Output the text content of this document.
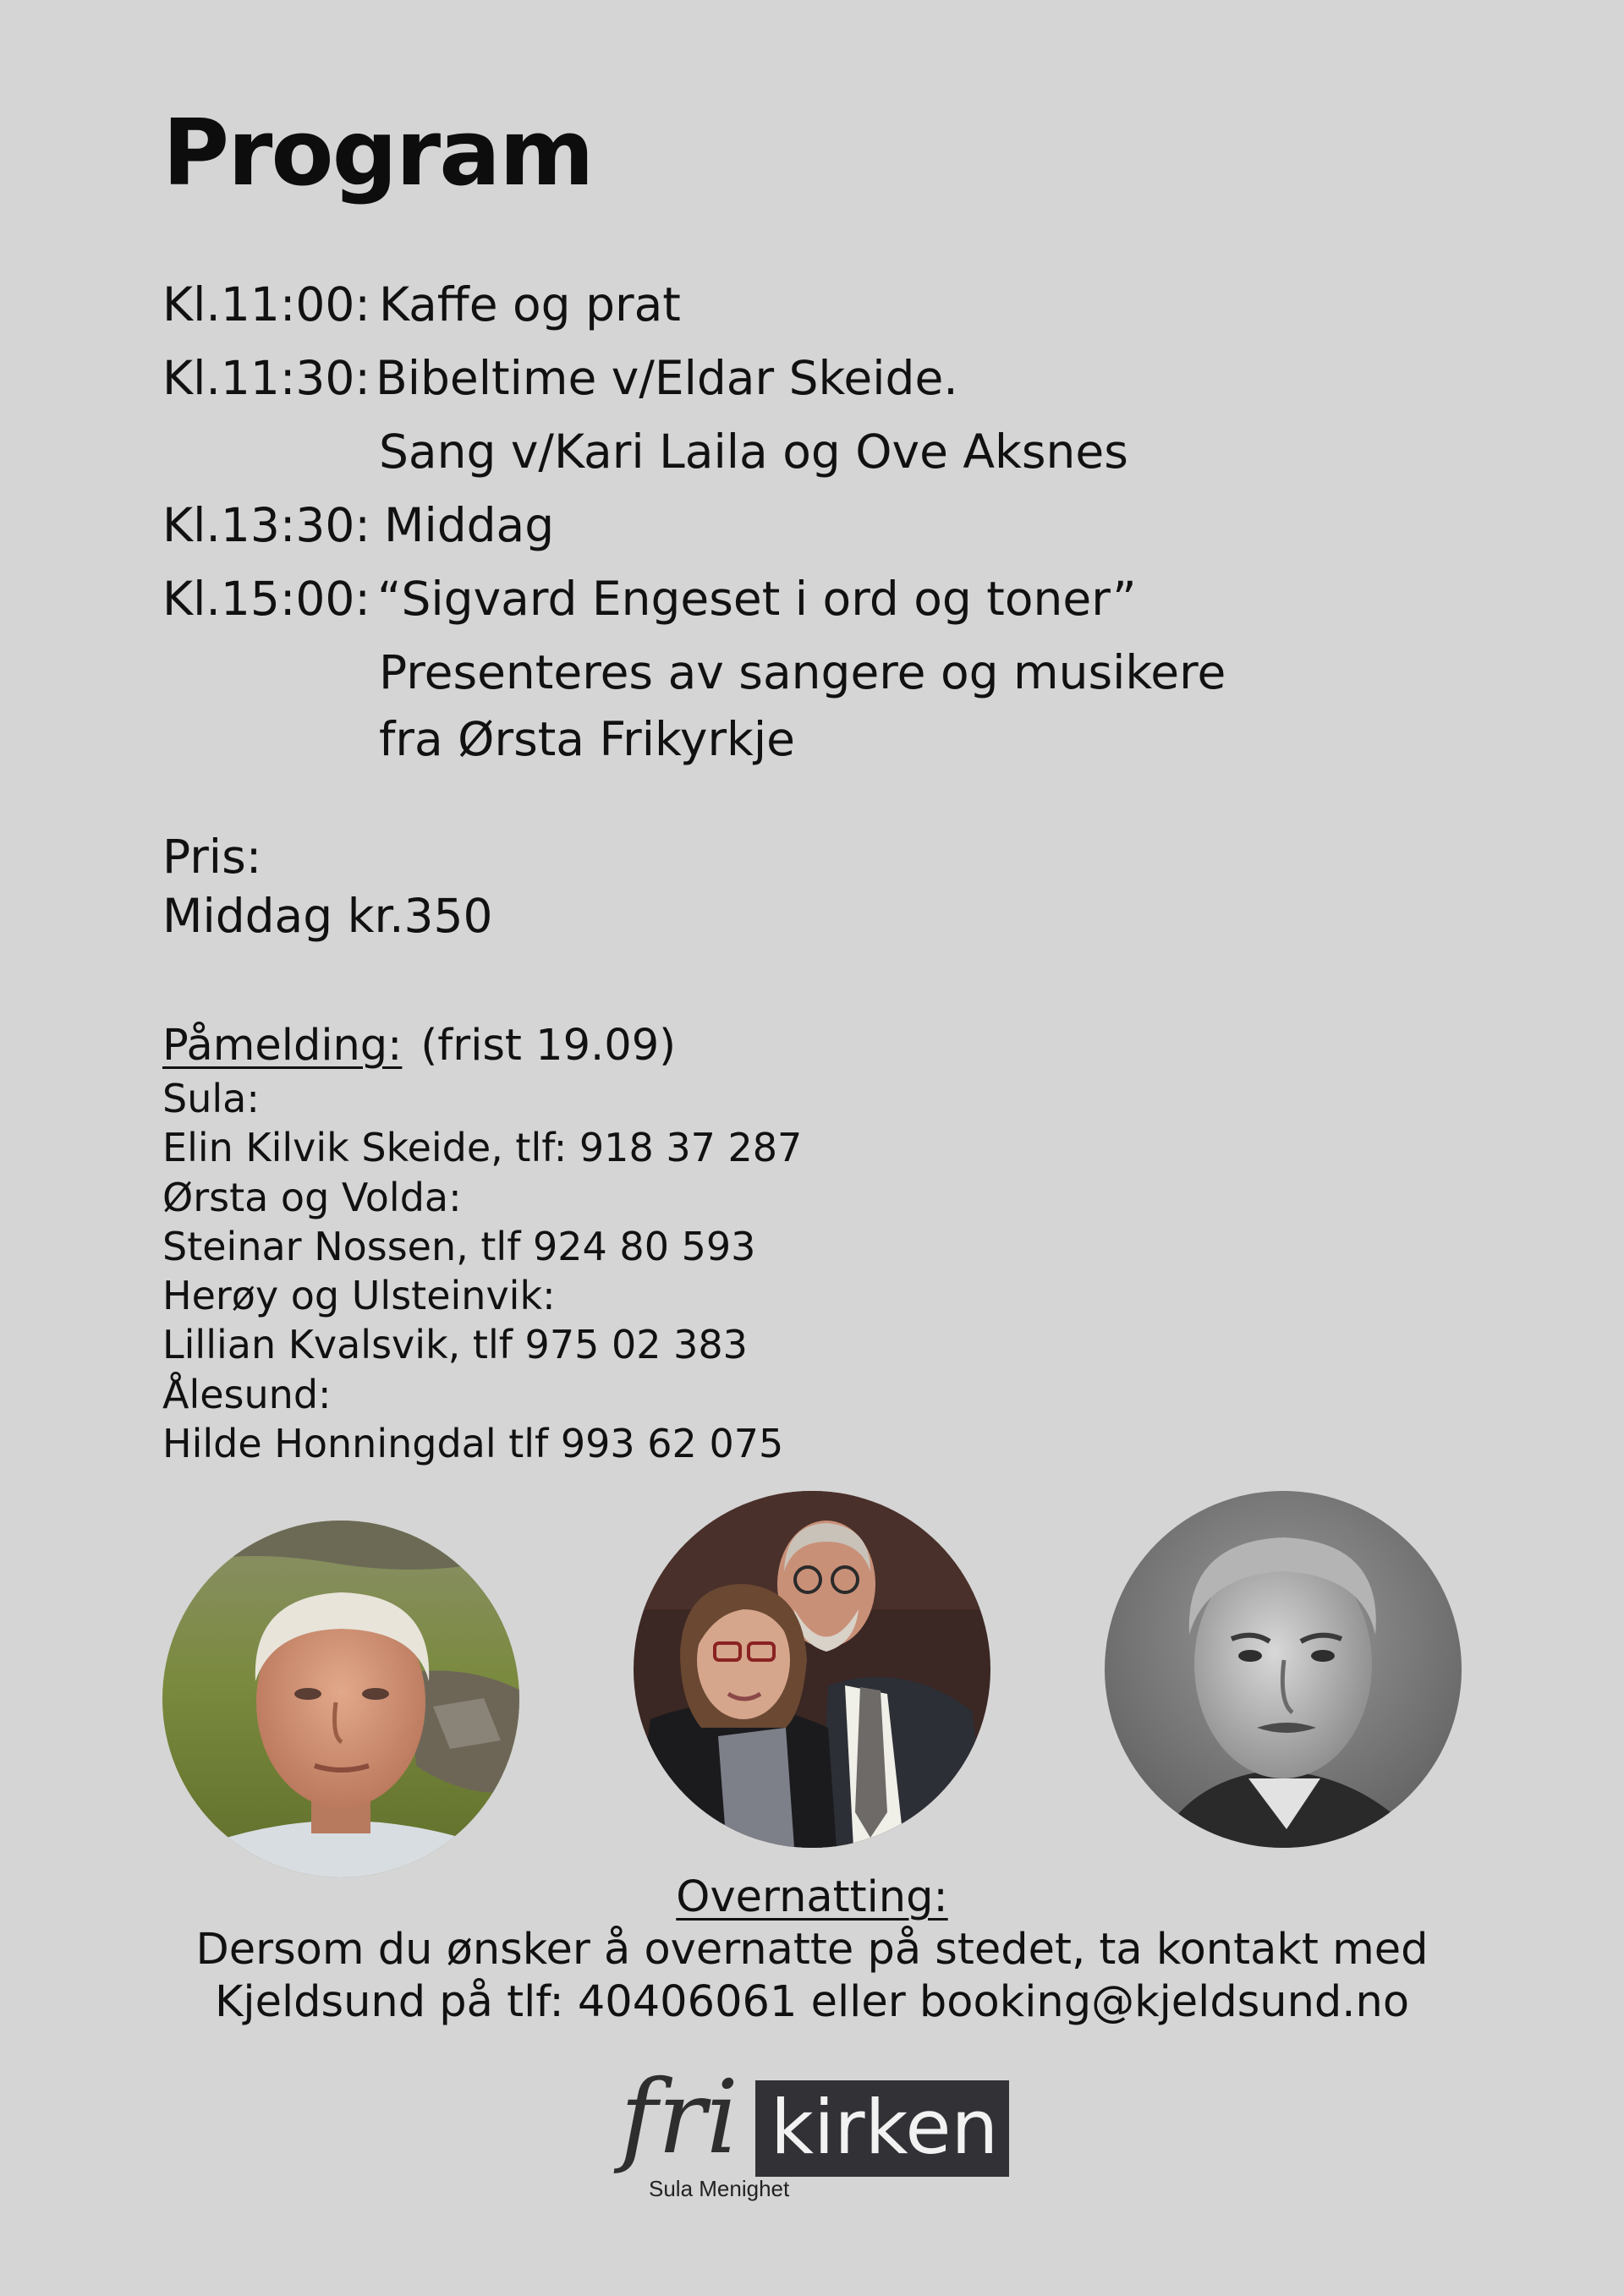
Program
Kl.11:00: Kaffe og prat
Kl.11:30: Bibeltime v/Eldar Skeide.
Sang v/Kari Laila og Ove Aksnes
Kl.13:30: Middag
Kl.15:00: “Sigvard Engeset i ord og toner”
Presenteres av sangere og musikere
fra Ørsta Frikyrkje
Pris:
Middag kr.350
Påmelding: (frist 19.09)
Sula:
Elin Kilvik Skeide, tlf: 918 37 287
Ørsta og Volda:
Steinar Nossen, tlf 924 80 593
Herøy og Ulsteinvik:
Lillian Kvalsvik, tlf 975 02 383
Ålesund:
Hilde Honningdal tlf 993 62 075
Overnatting:
Dersom du ønsker å overnatte på stedet, ta kontakt med
Kjeldsund på tlf: 40406061 eller booking@kjeldsund.no
fri kirken
Sula Menighet
